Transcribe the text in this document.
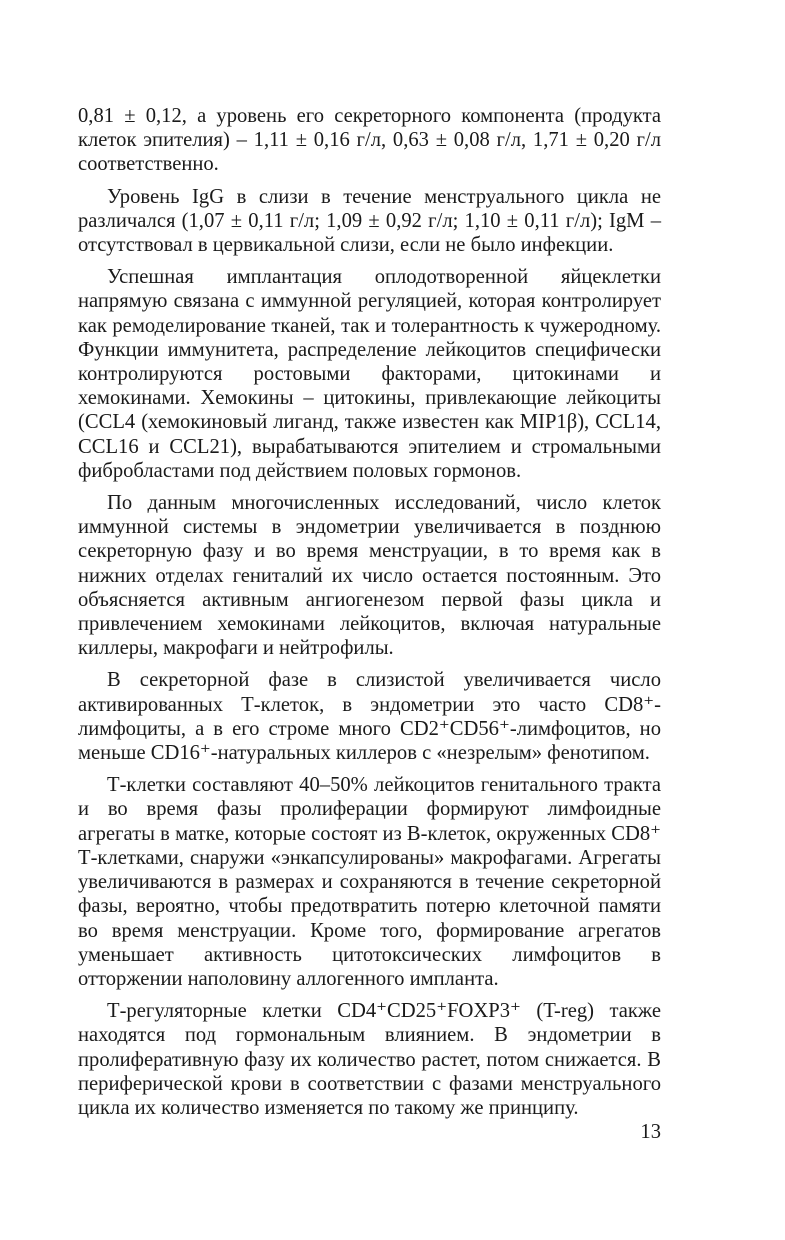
0,81 ± 0,12, а уровень его секреторного компонента (продукта клеток эпителия) – 1,11 ± 0,16 г/л, 0,63 ± 0,08 г/л, 1,71 ± 0,20 г/л соответственно.

Уровень IgG в слизи в течение менструального цикла не различался (1,07 ± 0,11 г/л; 1,09 ± 0,92 г/л; 1,10 ± 0,11 г/л); IgM – отсутствовал в цервикальной слизи, если не было инфекции.

Успешная имплантация оплодотворенной яйцеклетки напрямую связана с иммунной регуляцией, которая контролирует как ремоделирование тканей, так и толерантность к чужеродному. Функции иммунитета, распределение лейкоцитов специфически контролируются ростовыми факторами, цитокинами и хемокинами. Хемокины – цитокины, привлекающие лейкоциты (CCL4 (хемокиновый лиганд, также известен как MIP1β), CCL14, CCL16 и CCL21), вырабатываются эпителием и стромальными фибробластами под действием половых гормонов.

По данным многочисленных исследований, число клеток иммунной системы в эндометрии увеличивается в позднюю секреторную фазу и во время менструации, в то время как в нижних отделах гениталий их число остается постоянным. Это объясняется активным ангиогенезом первой фазы цикла и привлечением хемокинами лейкоцитов, включая натуральные киллеры, макрофаги и нейтрофилы.

В секреторной фазе в слизистой увеличивается число активированных Т-клеток, в эндометрии это часто CD8⁺-лимфоциты, а в его строме много CD2⁺CD56⁺-лимфоцитов, но меньше CD16⁺-натуральных киллеров с «незрелым» фенотипом.

Т-клетки составляют 40–50% лейкоцитов генитального тракта и во время фазы пролиферации формируют лимфоидные агрегаты в матке, которые состоят из В-клеток, окруженных CD8⁺ Т-клетками, снаружи «энкапсулированы» макрофагами. Агрегаты увеличиваются в размерах и сохраняются в течение секреторной фазы, вероятно, чтобы предотвратить потерю клеточной памяти во время менструации. Кроме того, формирование агрегатов уменьшает активность цитотоксических лимфоцитов в отторжении наполовину аллогенного импланта.

Т-регуляторные клетки CD4⁺CD25⁺FOXP3⁺ (T-reg) также находятся под гормональным влиянием. В эндометрии в пролиферативную фазу их количество растет, потом снижается. В периферической крови в соответствии с фазами менструального цикла их количество изменяется по такому же принципу.

13
